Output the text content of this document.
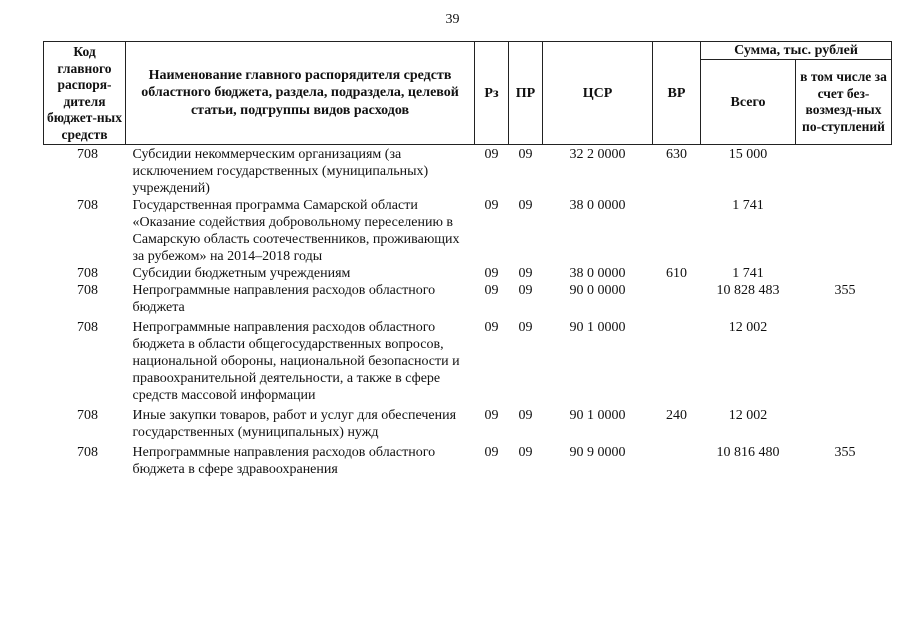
39
Код главного распоря-дителя бюджет-ных средств	Наименование главного распорядителя средств областного бюджета, раздела, подраздела, целевой статьи, подгруппы видов расходов	Рз	ПР	ЦСР	ВР	Сумма, тыс. рублей	
						Всего	в том числе за счет без-возмезд-ных по-ступлений
708	Субсидии некоммерческим организациям (за исключением государственных (муниципальных) учреждений)	09	09	32 2 0000	630	15 000	
708	Государственная программа Самарской области «Оказание содействия добровольному переселению в Самарскую область соотечественников, проживающих за рубежом» на 2014–2018 годы	09	09	38 0 0000		1 741	
708	Субсидии бюджетным учреждениям	09	09	38 0 0000	610	1 741	
708	Непрограммные направления расходов областного бюджета	09	09	90 0 0000		10 828 483	355
708	Непрограммные направления расходов областного бюджета в области общегосударственных вопросов, национальной обороны, национальной безопасности и правоохранительной деятельности, а также в сфере средств массовой информации	09	09	90 1 0000		12 002	
708	Иные закупки товаров, работ и услуг для обеспечения государственных (муниципальных) нужд	09	09	90 1 0000	240	12 002	
708	Непрограммные направления расходов областного бюджета в сфере здравоохранения	09	09	90 9 0000		10 816 480	355
